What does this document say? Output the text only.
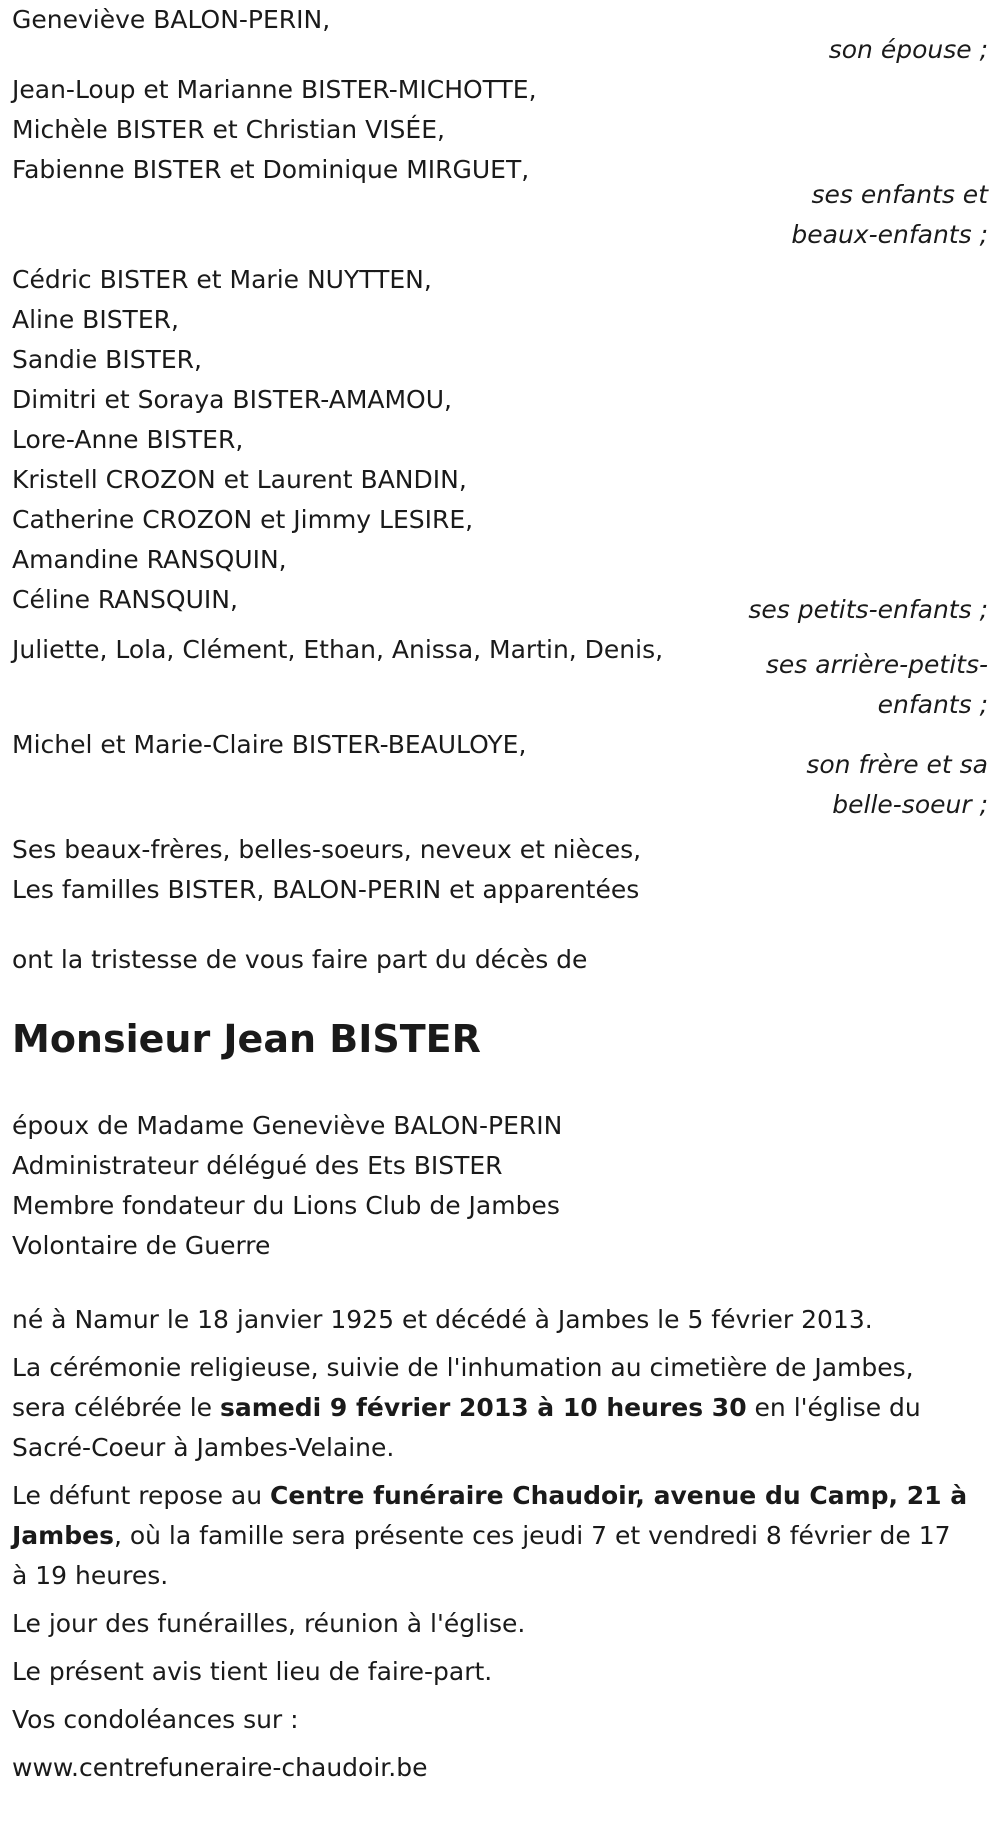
Geneviève BALON-PERIN,
son épouse ;
Jean-Loup et Marianne BISTER-MICHOTTE,
Michèle BISTER et Christian VISÉE,
Fabienne BISTER et Dominique MIRGUET,
ses enfants et
beaux-enfants ;
Cédric BISTER et Marie NUYTTEN,
Aline BISTER,
Sandie BISTER,
Dimitri et Soraya BISTER-AMAMOU,
Lore-Anne BISTER,
Kristell CROZON et Laurent BANDIN,
Catherine CROZON et Jimmy LESIRE,
Amandine RANSQUIN,
Céline RANSQUIN,	ses petits-enfants ;
Juliette, Lola, Clément, Ethan, Anissa, Martin, Denis,
ses arrière-petits-
enfants ;
Michel et Marie-Claire BISTER-BEAULOYE,
son frère et sa
belle-soeur ;
Ses beaux-frères, belles-soeurs, neveux et nièces,
Les familles BISTER, BALON-PERIN et apparentées
ont la tristesse de vous faire part du décès de
Monsieur Jean BISTER
époux de Madame Geneviève BALON-PERIN
Administrateur délégué des Ets BISTER
Membre fondateur du Lions Club de Jambes
Volontaire de Guerre
né à Namur le 18 janvier 1925 et décédé à Jambes le 5 février 2013.
La cérémonie religieuse, suivie de l'inhumation au cimetière de Jambes,
sera célébrée le samedi 9 février 2013 à 10 heures 30 en l'église du
Sacré-Coeur à Jambes-Velaine.
Le défunt repose au Centre funéraire Chaudoir, avenue du Camp, 21 à
Jambes, où la famille sera présente ces jeudi 7 et vendredi 8 février de 17
à 19 heures.
Le jour des funérailles, réunion à l'église.
Le présent avis tient lieu de faire-part.
Vos condoléances sur :
www.centrefuneraire-chaudoir.be
